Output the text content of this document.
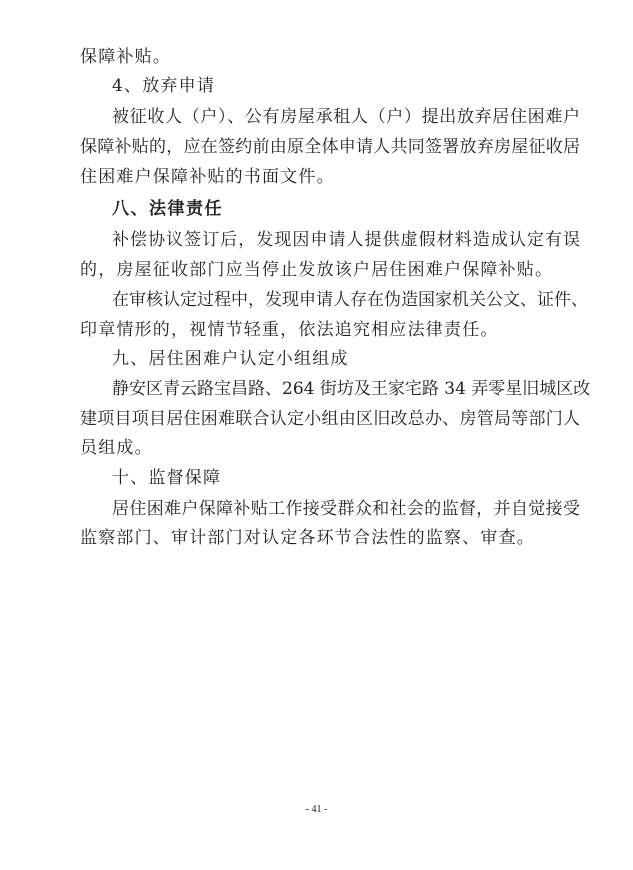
保障补贴。
4、放弃申请
被征收人（户）、公有房屋承租人（户）提出放弃居住困难户
保障补贴的，应在签约前由原全体申请人共同签署放弃房屋征收居
住困难户保障补贴的书面文件。
八、法律责任
补偿协议签订后，发现因申请人提供虚假材料造成认定有误
的，房屋征收部门应当停止发放该户居住困难户保障补贴。
在审核认定过程中，发现申请人存在伪造国家机关公文、证件、
印章情形的，视情节轻重，依法追究相应法律责任。
九、居住困难户认定小组组成
静安区青云路宝昌路、264 街坊及王家宅路 34 弄零星旧城区改
建项目项目居住困难联合认定小组由区旧改总办、房管局等部门人
员组成。
十、监督保障
居住困难户保障补贴工作接受群众和社会的监督，并自觉接受
监察部门、审计部门对认定各环节合法性的监察、审查。
- 41 -
